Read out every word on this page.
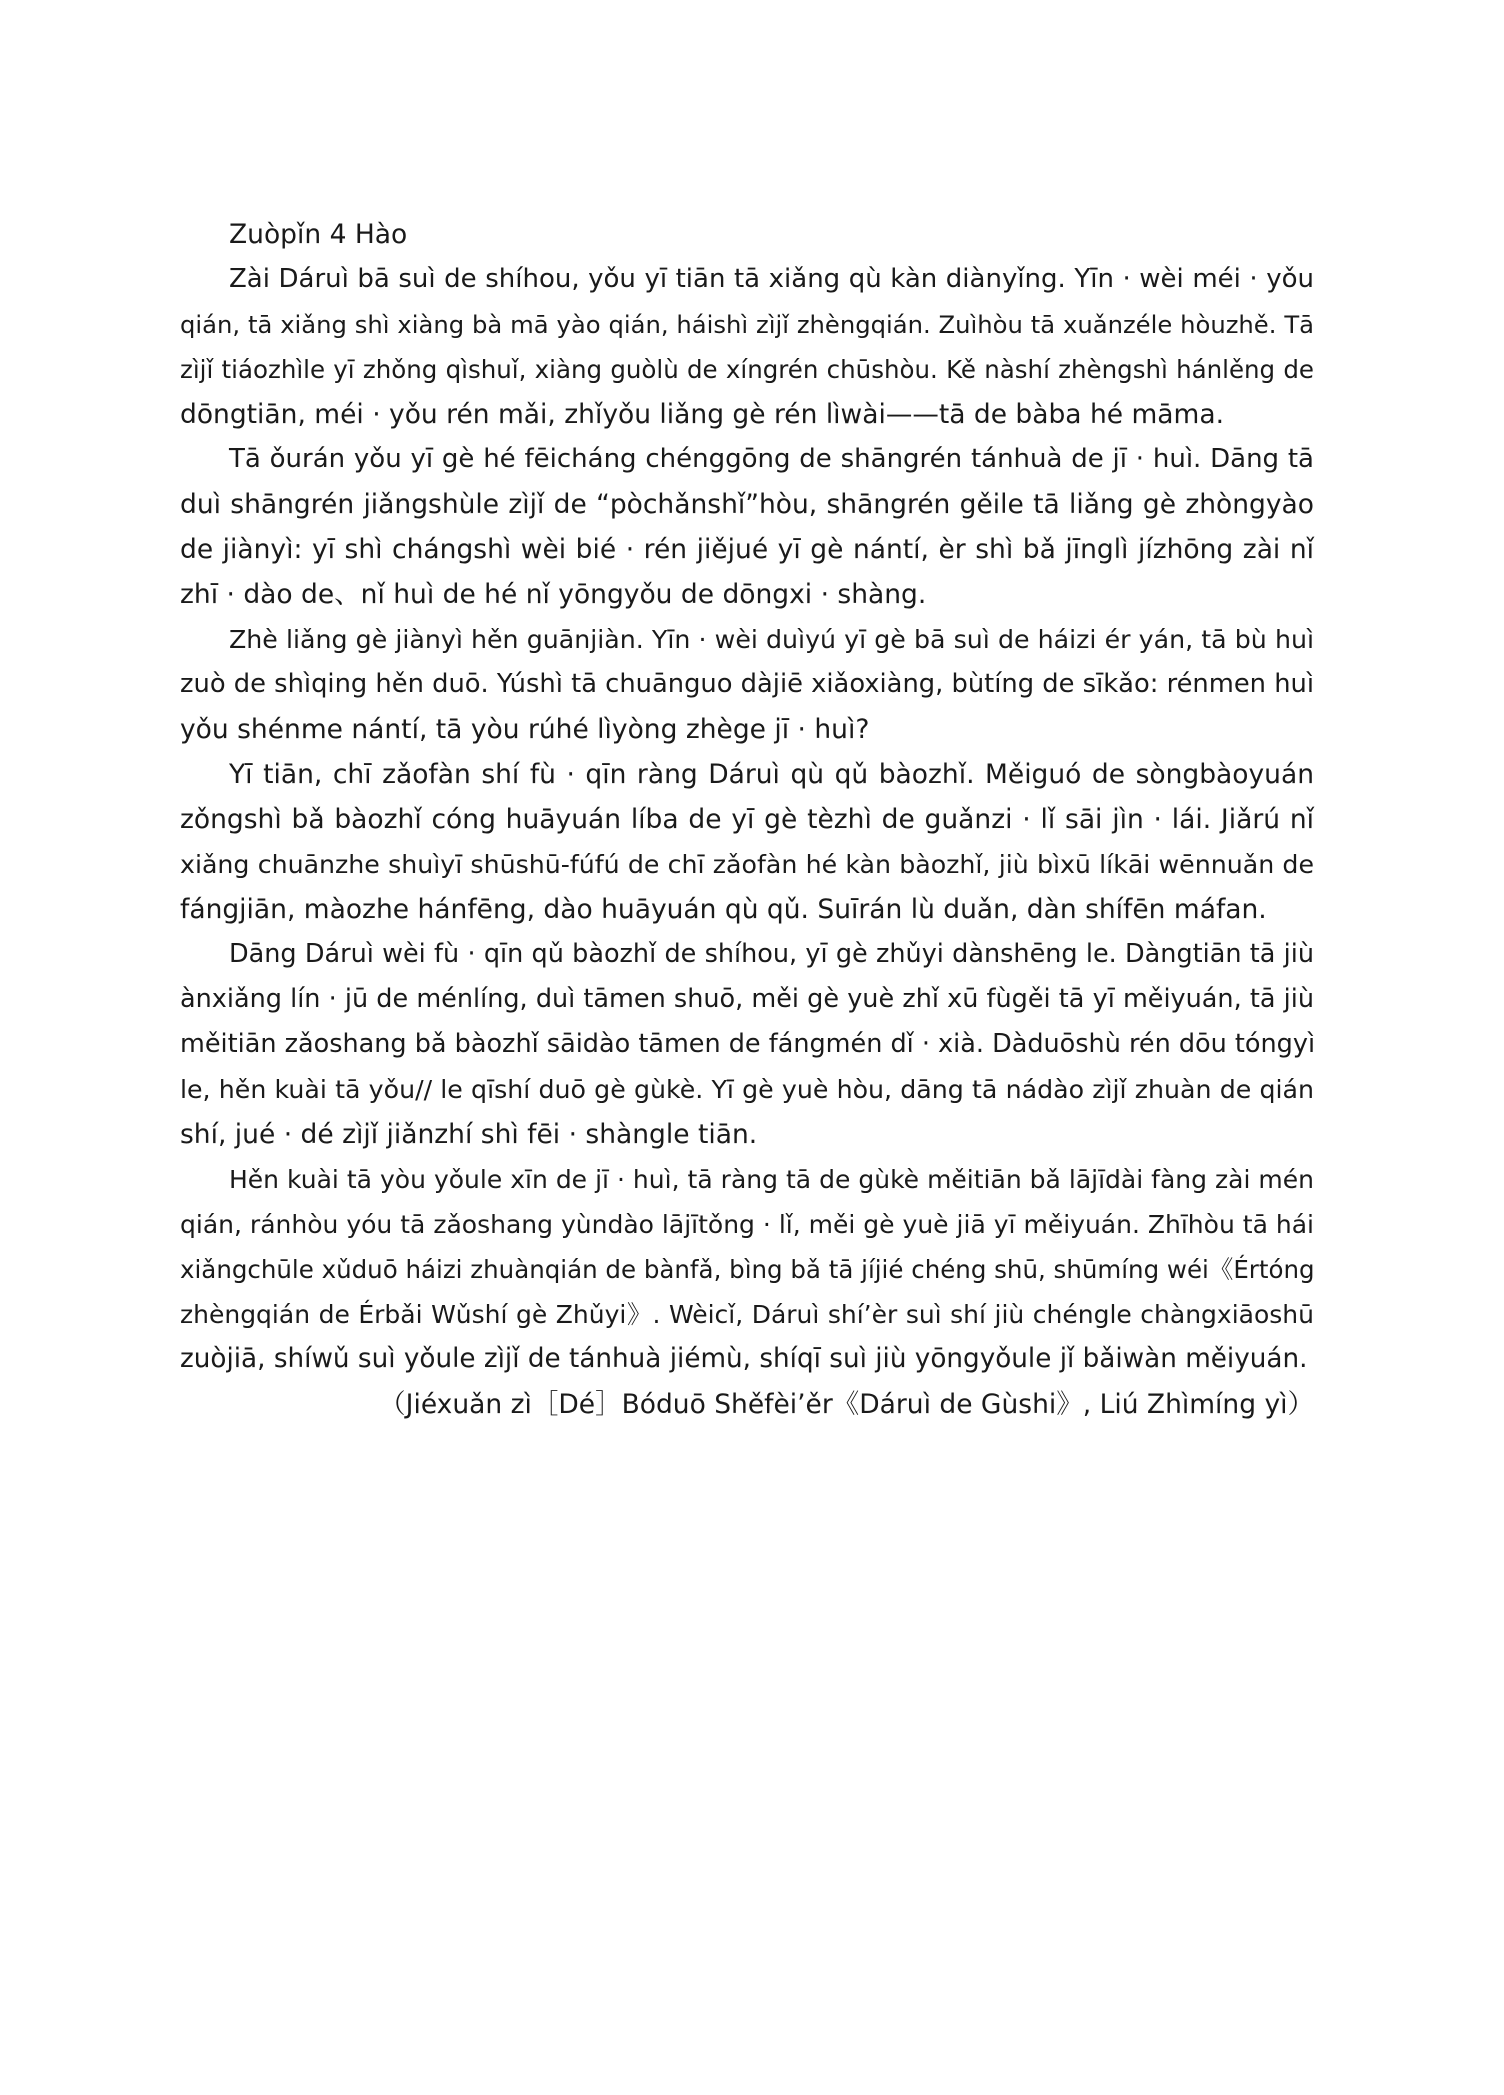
Zuòpǐn 4 Hào
Zài Dáruì bā suì de shíhou, yǒu yī tiān tā xiǎng qù kàn diànyǐng. Yīn · wèi méi · yǒu
qián, tā xiǎng shì xiàng bà mā yào qián, háishì zìjǐ zhèngqián. Zuìhòu tā xuǎnzéle hòuzhě. Tā
zìjǐ tiáozhìle yī zhǒng qìshuǐ, xiàng guòlù de xíngrén chūshòu. Kě nàshí zhèngshì hánlěng de
dōngtiān, méi · yǒu rén mǎi, zhǐyǒu liǎng gè rén lìwài——tā de bàba hé māma.
Tā ǒurán yǒu yī gè hé fēicháng chénggōng de shāngrén tánhuà de jī · huì. Dāng tā
duì shāngrén jiǎngshùle zìjǐ de “pòchǎnshǐ”hòu, shāngrén gěile tā liǎng gè zhòngyào
de jiànyì: yī shì chángshì wèi bié · rén jiějué yī gè nántí, èr shì bǎ jīnglì jízhōng zài nǐ
zhī · dào de、nǐ huì de hé nǐ yōngyǒu de dōngxi · shàng.
Zhè liǎng gè jiànyì hěn guānjiàn. Yīn · wèi duìyú yī gè bā suì de háizi ér yán, tā bù huì
zuò de shìqing hěn duō. Yúshì tā chuānguo dàjiē xiǎoxiàng, bùtíng de sīkǎo: rénmen huì
yǒu shénme nántí, tā yòu rúhé lìyòng zhège jī · huì?
Yī tiān, chī zǎofàn shí fù · qīn ràng Dáruì qù qǔ bàozhǐ. Měiguó de sòngbàoyuán
zǒngshì bǎ bàozhǐ cóng huāyuán líba de yī gè tèzhì de guǎnzi · lǐ sāi jìn · lái. Jiǎrú nǐ
xiǎng chuānzhe shuìyī shūshū-fúfú de chī zǎofàn hé kàn bàozhǐ, jiù bìxū líkāi wēnnuǎn de
fángjiān, màozhe hánfēng, dào huāyuán qù qǔ. Suīrán lù duǎn, dàn shífēn máfan.
Dāng Dáruì wèi fù · qīn qǔ bàozhǐ de shíhou, yī gè zhǔyi dànshēng le. Dàngtiān tā jiù
ànxiǎng lín · jū de ménlíng, duì tāmen shuō, měi gè yuè zhǐ xū fùgěi tā yī měiyuán, tā jiù
měitiān zǎoshang bǎ bàozhǐ sāidào tāmen de fángmén dǐ · xià. Dàduōshù rén dōu tóngyì
le, hěn kuài tā yǒu// le qīshí duō gè gùkè. Yī gè yuè hòu, dāng tā nádào zìjǐ zhuàn de qián
shí, jué · dé zìjǐ jiǎnzhí shì fēi · shàngle tiān.
Hěn kuài tā yòu yǒule xīn de jī · huì, tā ràng tā de gùkè měitiān bǎ lājīdài fàng zài mén
qián, ránhòu yóu tā zǎoshang yùndào lājītǒng · lǐ, měi gè yuè jiā yī měiyuán. Zhīhòu tā hái
xiǎngchūle xǔduō háizi zhuànqián de bànfǎ, bìng bǎ tā jíjié chéng shū, shūmíng wéi《Értóng
zhèngqián de Érbǎi Wǔshí gè Zhǔyi》. Wèicǐ, Dáruì shí’èr suì shí jiù chéngle chàngxiāoshū
zuòjiā, shíwǔ suì yǒule zìjǐ de tánhuà jiémù, shíqī suì jiù yōngyǒule jǐ bǎiwàn měiyuán.
（Jiéxuǎn zì［Dé］Bóduō Shěfèi’ěr《Dáruì de Gùshi》, Liú Zhìmíng yì）
